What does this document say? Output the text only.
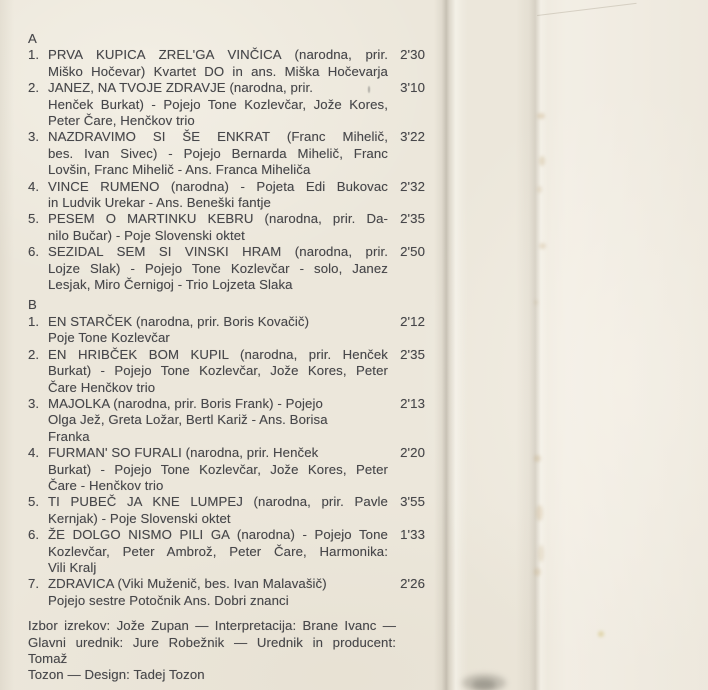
A
1. PRVA KUPICA ZREL'GA VINČICA (narodna, prir.
Miško Hočevar) Kvartet DO in ans. Miška Hočevarja
2'30
2. JANEZ, NA TVOJE ZDRAVJE (narodna, prir.
Henček Burkat) - Pojejo Tone Kozlevčar, Jože Kores,
Peter Čare, Henčkov trio
3'10
3. NAZDRAVIMO SI ŠE ENKRAT (Franc Mihelič,
bes. Ivan Sivec) - Pojejo Bernarda Mihelič, Franc
Lovšin, Franc Mihelič - Ans. Franca Miheliča
3'22
4. VINCE RUMENO (narodna) - Pojeta Edi Bukovac
in Ludvik Urekar - Ans. Beneški fantje
2'32
5. PESEM O MARTINKU KEBRU (narodna, prir. Da-
nilo Bučar) - Poje Slovenski oktet
2'35
6. SEZIDAL SEM SI VINSKI HRAM (narodna, prir.
Lojze Slak) - Pojejo Tone Kozlevčar - solo, Janez
Lesjak, Miro Černigoj - Trio Lojzeta Slaka
2'50
B
1. EN STARČEK (narodna, prir. Boris Kovačič)
Poje Tone Kozlevčar
2'12
2. EN HRIBČEK BOM KUPIL (narodna, prir. Henček
Burkat) - Pojejo Tone Kozlevčar, Jože Kores, Peter
Čare Henčkov trio
2'35
3. MAJOLKA (narodna, prir. Boris Frank) - Pojejo
Olga Jež, Greta Ložar, Bertl Kariž - Ans. Borisa
Franka
2'13
4. FURMAN' SO FURALI (narodna, prir. Henček
Burkat) - Pojejo Tone Kozlevčar, Jože Kores, Peter
Čare - Henčkov trio
2'20
5. TI PUBEČ JA KNE LUMPEJ (narodna, prir. Pavle
Kernjak) - Poje Slovenski oktet
3'55
6. ŽE DOLGO NISMO PILI GA (narodna) - Pojejo Tone
Kozlevčar, Peter Ambrož, Peter Čare, Harmonika:
Vili Kralj
1'33
7. ZDRAVICA (Viki Muženič, bes. Ivan Malavašič)
Pojejo sestre Potočnik Ans. Dobri znanci
2'26
Izbor izrekov: Jože Zupan — Interpretacija: Brane Ivanc —
Glavni urednik: Jure Robežnik — Urednik in producent: Tomaž
Tozon — Design: Tadej Tozon
